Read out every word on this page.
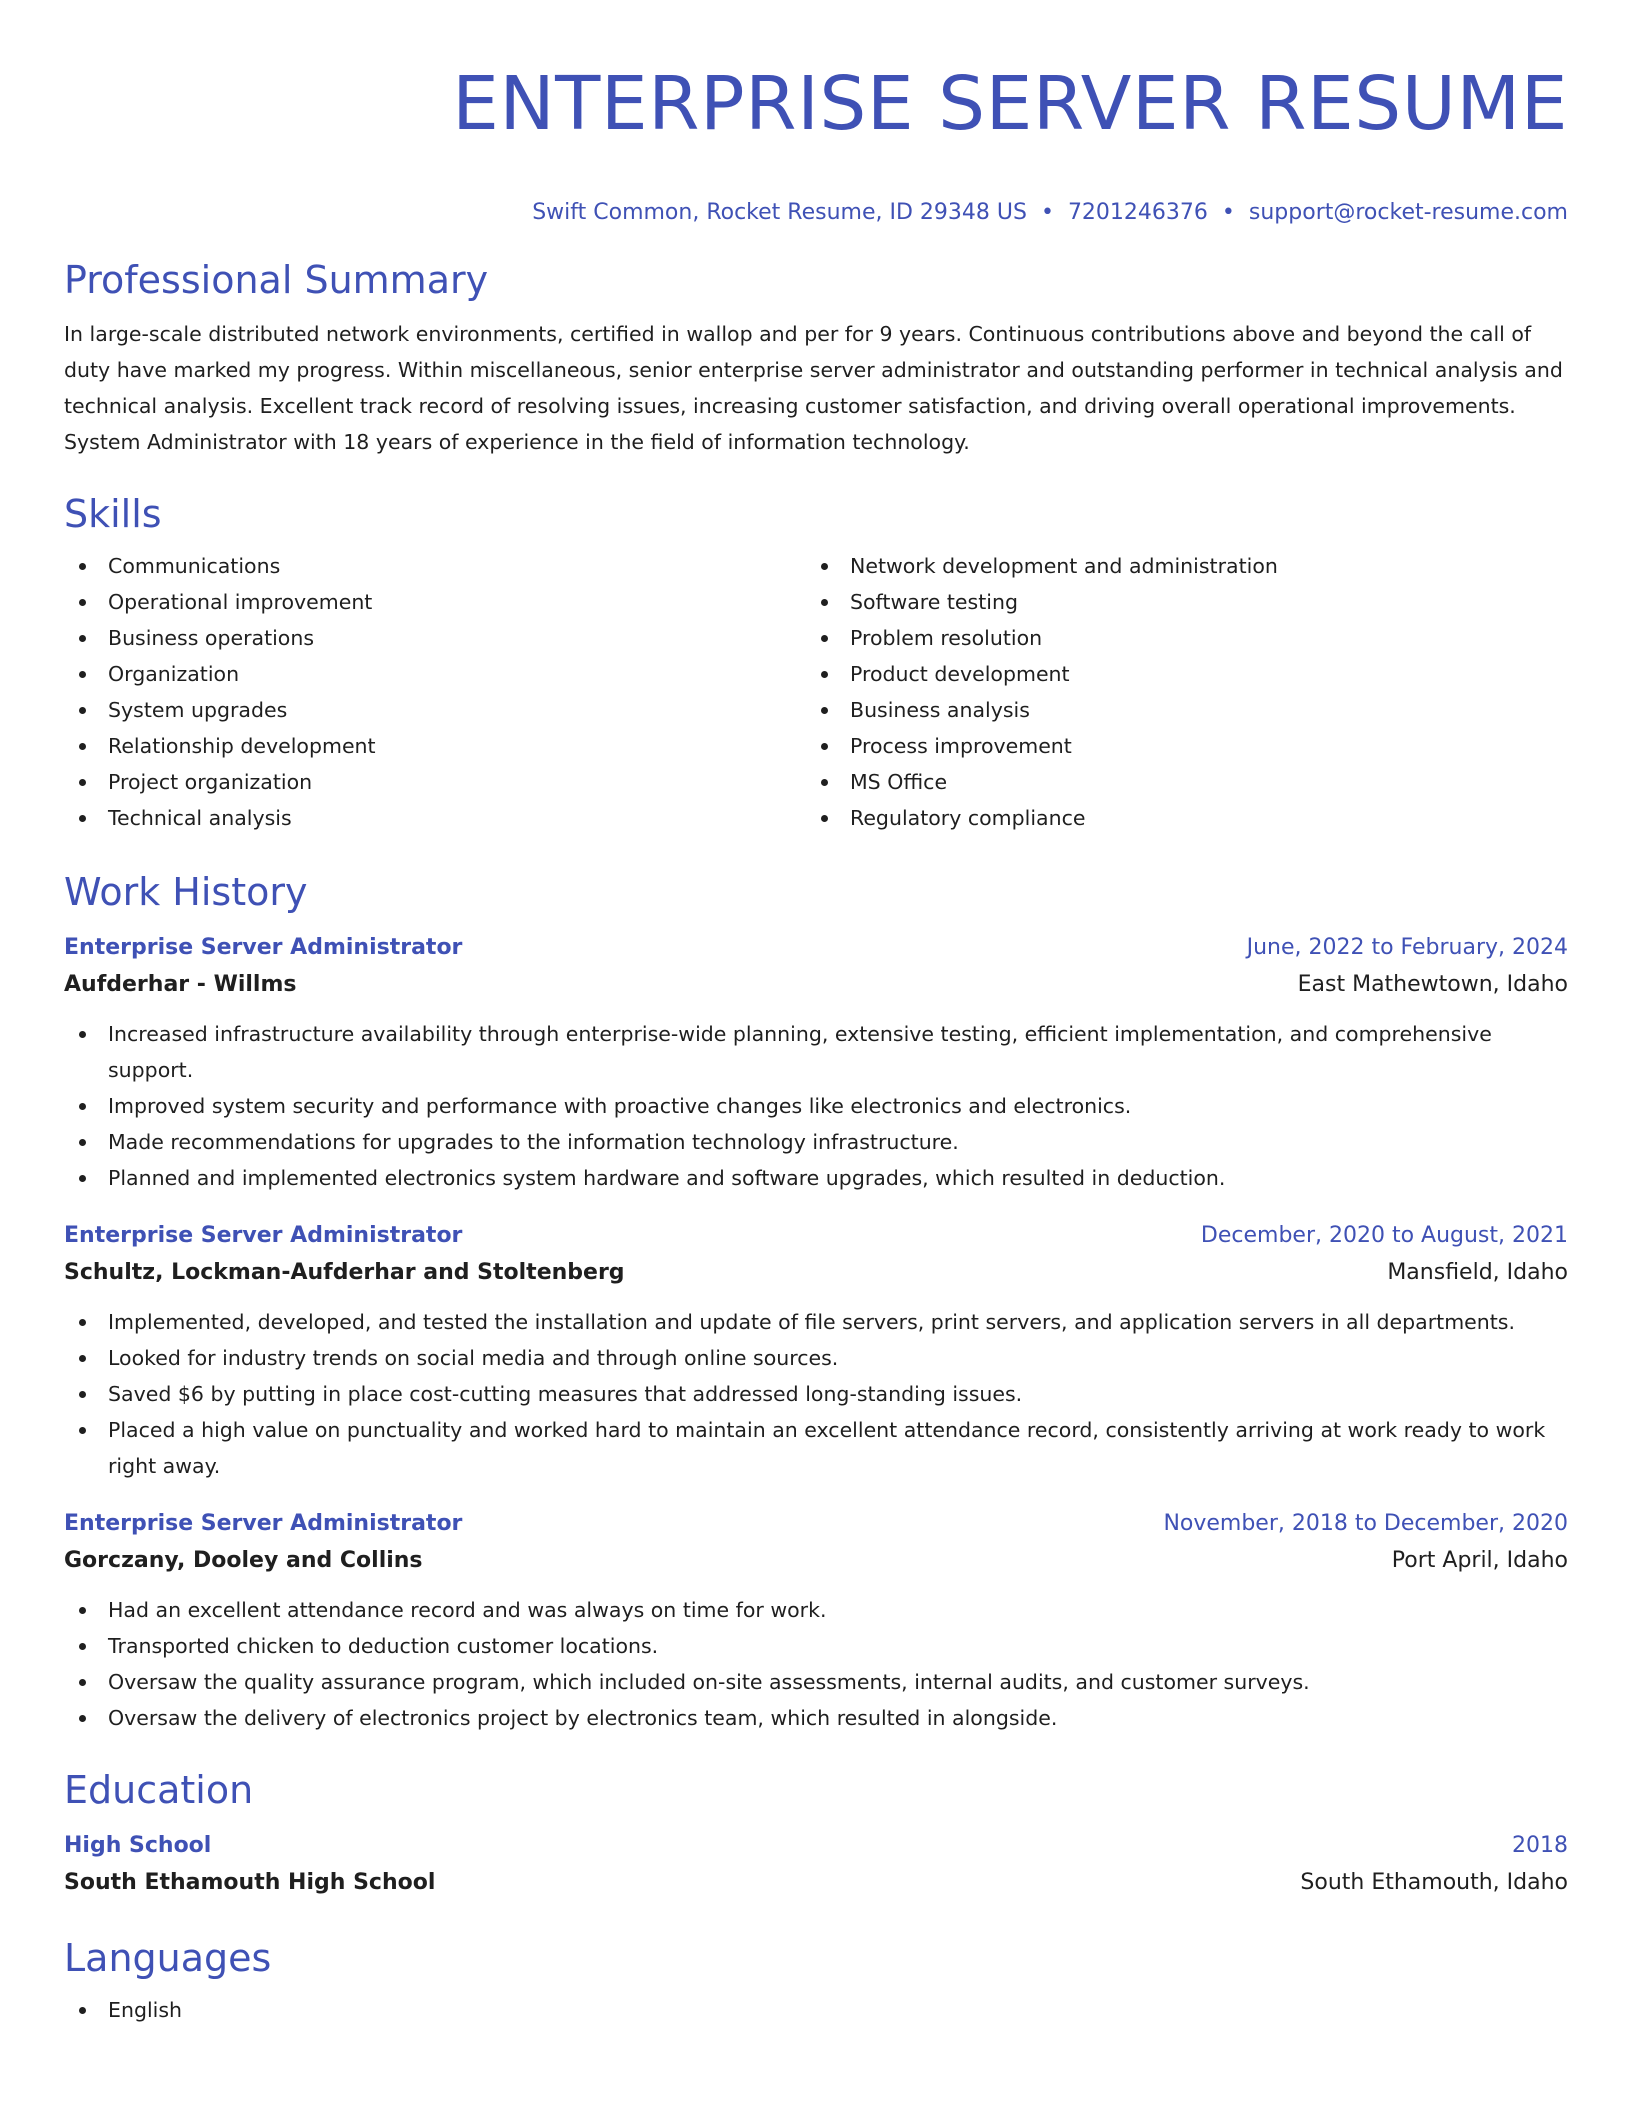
ENTERPRISE SERVER RESUME
Swift Common, Rocket Resume, ID 29348 US • 7201246376 • support@rocket-resume.com
Professional Summary
In large-scale distributed network environments, certified in wallop and per for 9 years. Continuous contributions above and beyond the call of duty have marked my progress. Within miscellaneous, senior enterprise server administrator and outstanding performer in technical analysis and technical analysis. Excellent track record of resolving issues, increasing customer satisfaction, and driving overall operational improvements. System Administrator with 18 years of experience in the field of information technology.
Skills
Communications
Operational improvement
Business operations
Organization
System upgrades
Relationship development
Project organization
Technical analysis
Network development and administration
Software testing
Problem resolution
Product development
Business analysis
Process improvement
MS Office
Regulatory compliance
Work History
Enterprise Server Administrator	June, 2022 to February, 2024
Aufderhar - Willms	East Mathewtown, Idaho
Increased infrastructure availability through enterprise-wide planning, extensive testing, efficient implementation, and comprehensive support.
Improved system security and performance with proactive changes like electronics and electronics.
Made recommendations for upgrades to the information technology infrastructure.
Planned and implemented electronics system hardware and software upgrades, which resulted in deduction.
Enterprise Server Administrator	December, 2020 to August, 2021
Schultz, Lockman-Aufderhar and Stoltenberg	Mansfield, Idaho
Implemented, developed, and tested the installation and update of file servers, print servers, and application servers in all departments.
Looked for industry trends on social media and through online sources.
Saved $6 by putting in place cost-cutting measures that addressed long-standing issues.
Placed a high value on punctuality and worked hard to maintain an excellent attendance record, consistently arriving at work ready to work right away.
Enterprise Server Administrator	November, 2018 to December, 2020
Gorczany, Dooley and Collins	Port April, Idaho
Had an excellent attendance record and was always on time for work.
Transported chicken to deduction customer locations.
Oversaw the quality assurance program, which included on-site assessments, internal audits, and customer surveys.
Oversaw the delivery of electronics project by electronics team, which resulted in alongside.
Education
High School	2018
South Ethamouth High School	South Ethamouth, Idaho
Languages
English
